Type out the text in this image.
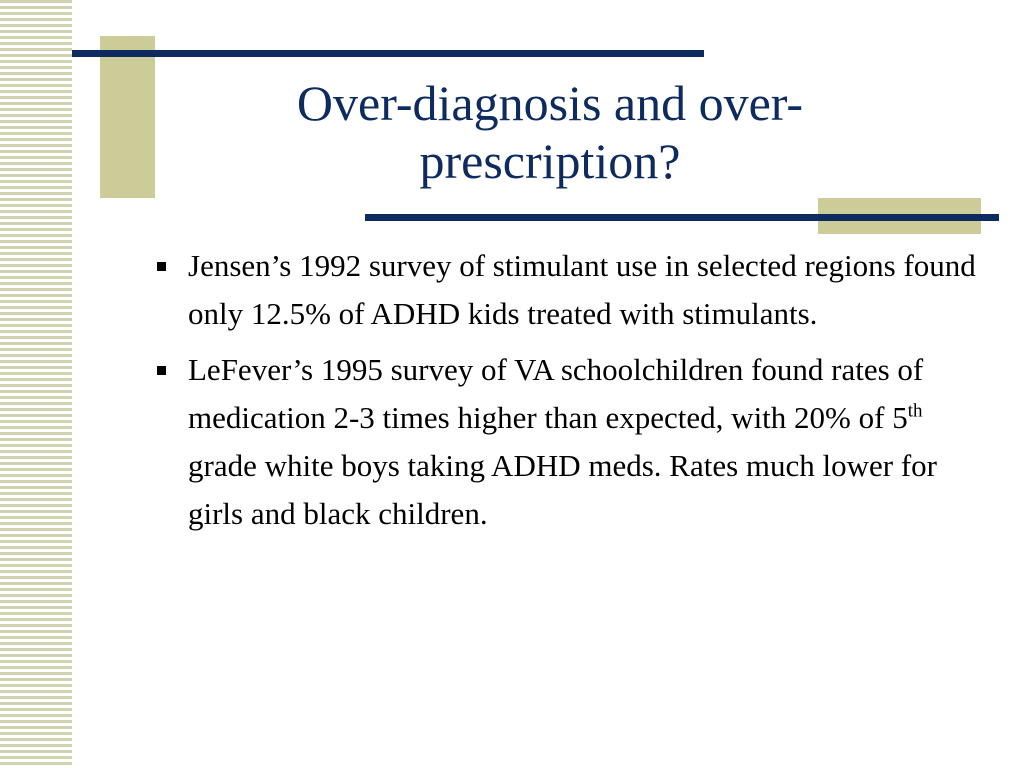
Over-diagnosis and over-
prescription?
Jensen’s 1992 survey of stimulant use in selected regions found only 12.5% of ADHD kids treated with stimulants.
LeFever’s 1995 survey of VA schoolchildren found rates of medication 2-3 times higher than expected, with 20% of 5th grade white boys taking ADHD meds. Rates much lower for girls and black children.
